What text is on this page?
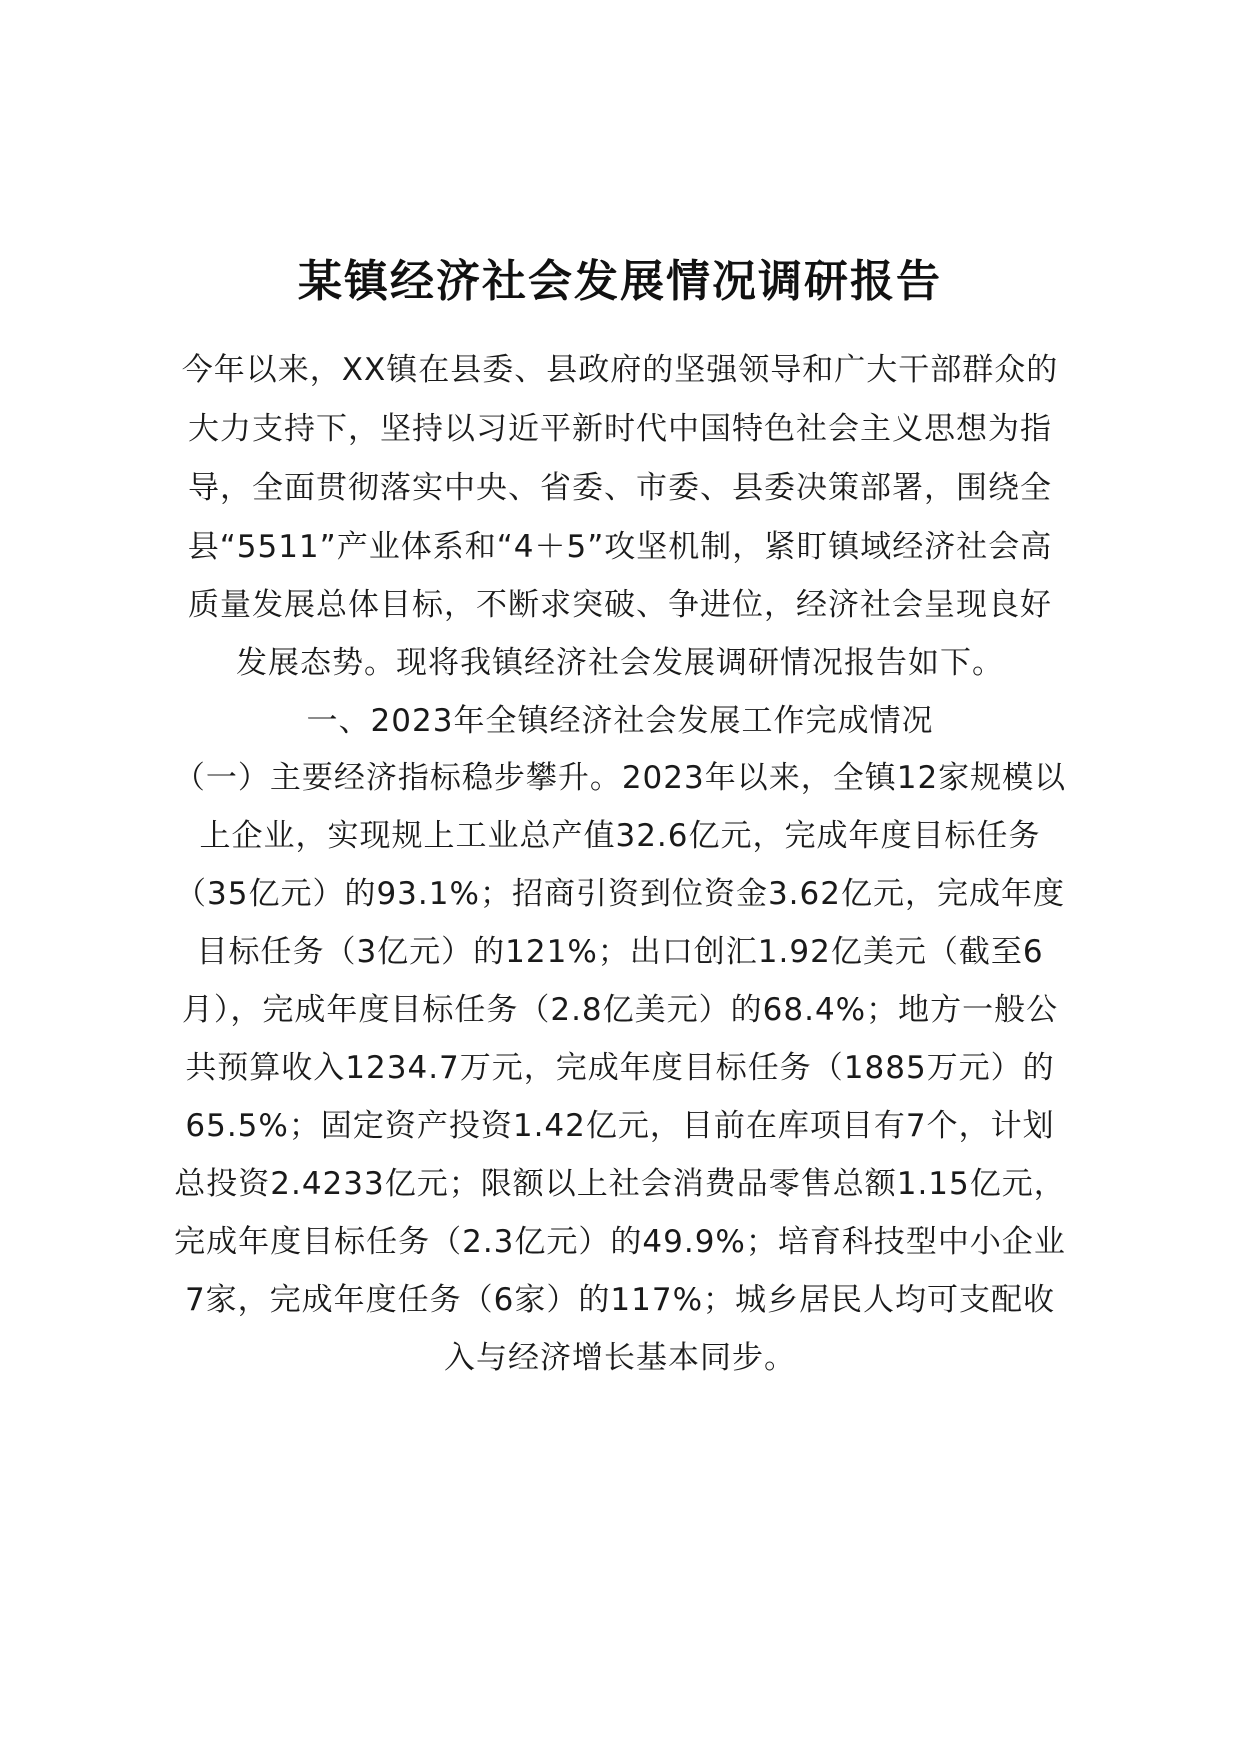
某镇经济社会发展情况调研报告
今年以来，XX镇在县委、县政府的坚强领导和广大干部群众的
大力支持下，坚持以习近平新时代中国特色社会主义思想为指
导，全面贯彻落实中央、省委、市委、县委决策部署，围绕全
县“5511”产业体系和“4＋5”攻坚机制，紧盯镇域经济社会高
质量发展总体目标，不断求突破、争进位，经济社会呈现良好
发展态势。现将我镇经济社会发展调研情况报告如下。
一、2023年全镇经济社会发展工作完成情况
（一）主要经济指标稳步攀升。2023年以来，全镇12家规模以
上企业，实现规上工业总产值32.6亿元，完成年度目标任务
（35亿元）的93.1%；招商引资到位资金3.62亿元，完成年度
目标任务（3亿元）的121%；出口创汇1.92亿美元（截至6
月），完成年度目标任务（2.8亿美元）的68.4%；地方一般公
共预算收入1234.7万元，完成年度目标任务（1885万元）的
65.5%；固定资产投资1.42亿元，目前在库项目有7个，计划
总投资2.4233亿元；限额以上社会消费品零售总额1.15亿元，
完成年度目标任务（2.3亿元）的49.9%；培育科技型中小企业
7家，完成年度任务（6家）的117%；城乡居民人均可支配收
入与经济增长基本同步。
